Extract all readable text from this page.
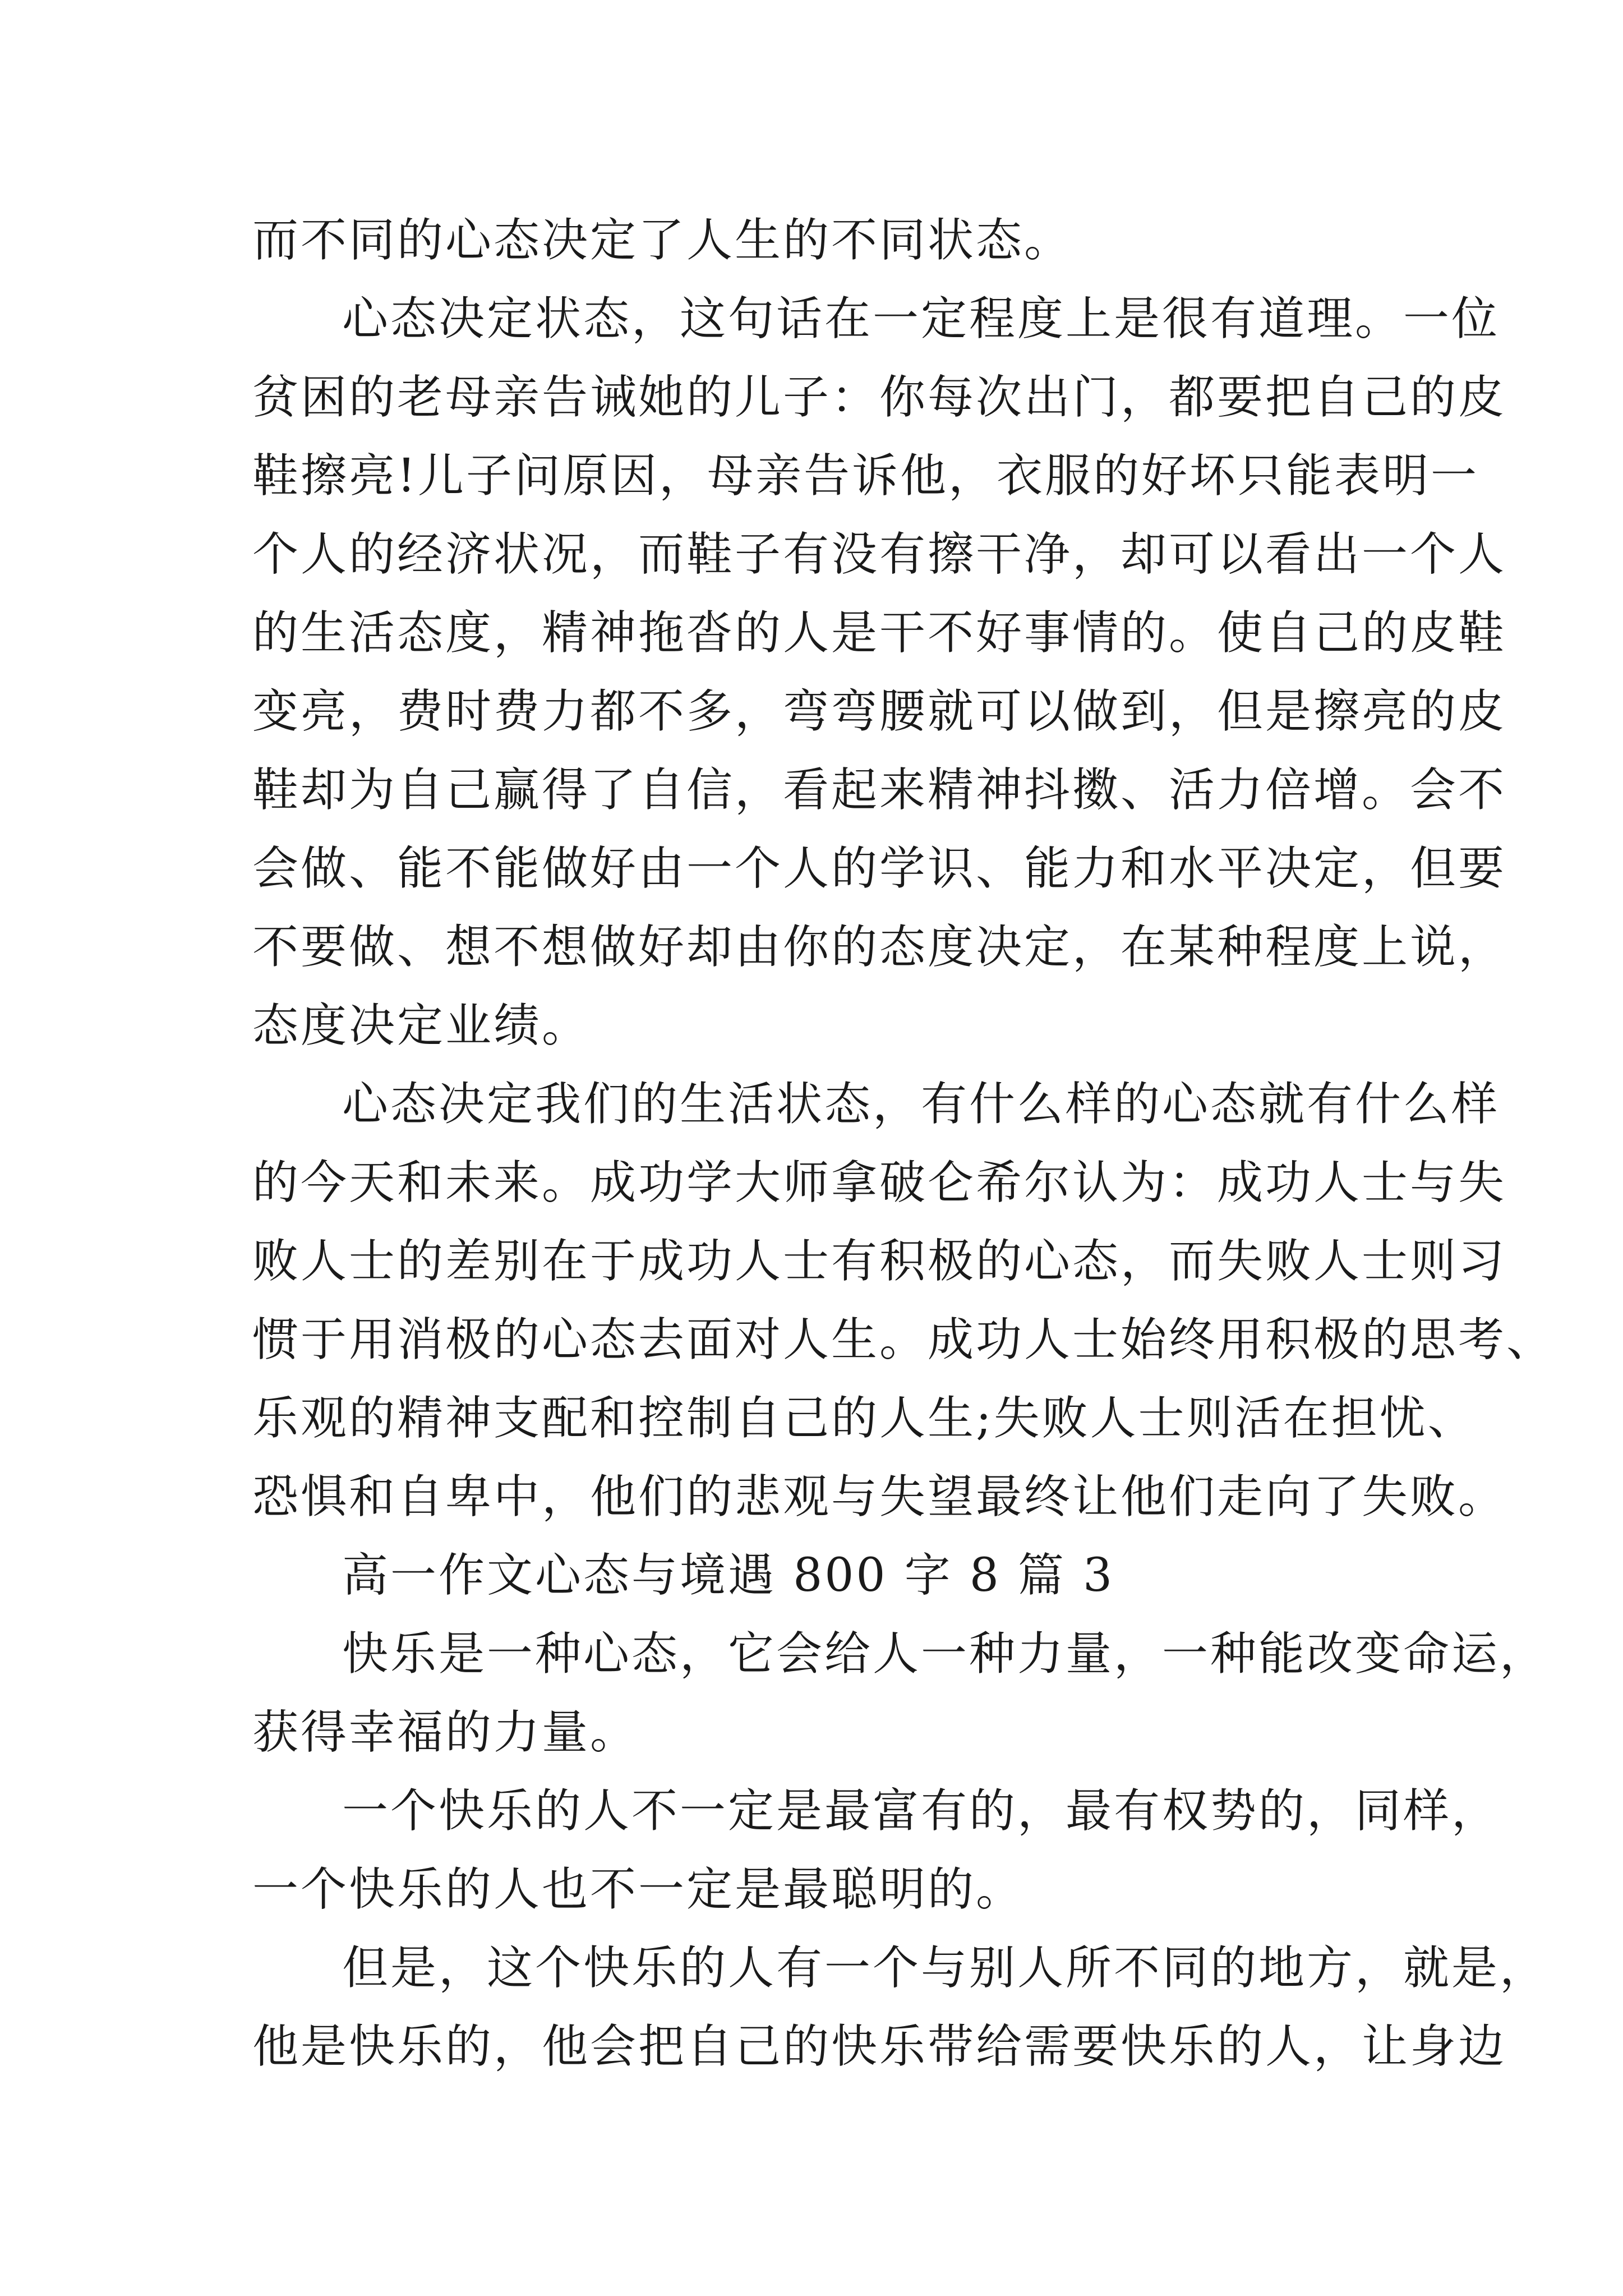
而不同的心态决定了人生的不同状态。

心态决定状态，这句话在一定程度上是很有道理。一位

贫困的老母亲告诫她的儿子：你每次出门，都要把自己的皮

鞋擦亮!儿子问原因，母亲告诉他，衣服的好坏只能表明一

个人的经济状况，而鞋子有没有擦干净，却可以看出一个人

的生活态度，精神拖沓的人是干不好事情的。使自己的皮鞋

变亮，费时费力都不多，弯弯腰就可以做到，但是擦亮的皮

鞋却为自己赢得了自信，看起来精神抖擞、活力倍增。会不

会做、能不能做好由一个人的学识、能力和水平决定，但要

不要做、想不想做好却由你的态度决定，在某种程度上说，

态度决定业绩。

心态决定我们的生活状态，有什么样的心态就有什么样

的今天和未来。成功学大师拿破仑希尔认为：成功人士与失

败人士的差别在于成功人士有积极的心态，而失败人士则习

惯于用消极的心态去面对人生。成功人士始终用积极的思考、

乐观的精神支配和控制自己的人生;失败人士则活在担忧、

恐惧和自卑中，他们的悲观与失望最终让他们走向了失败。

高一作文心态与境遇 800 字 8 篇 3

快乐是一种心态，它会给人一种力量，一种能改变命运，

获得幸福的力量。

一个快乐的人不一定是最富有的，最有权势的，同样，

一个快乐的人也不一定是最聪明的。

但是，这个快乐的人有一个与别人所不同的地方，就是，

他是快乐的，他会把自己的快乐带给需要快乐的人，让身边
